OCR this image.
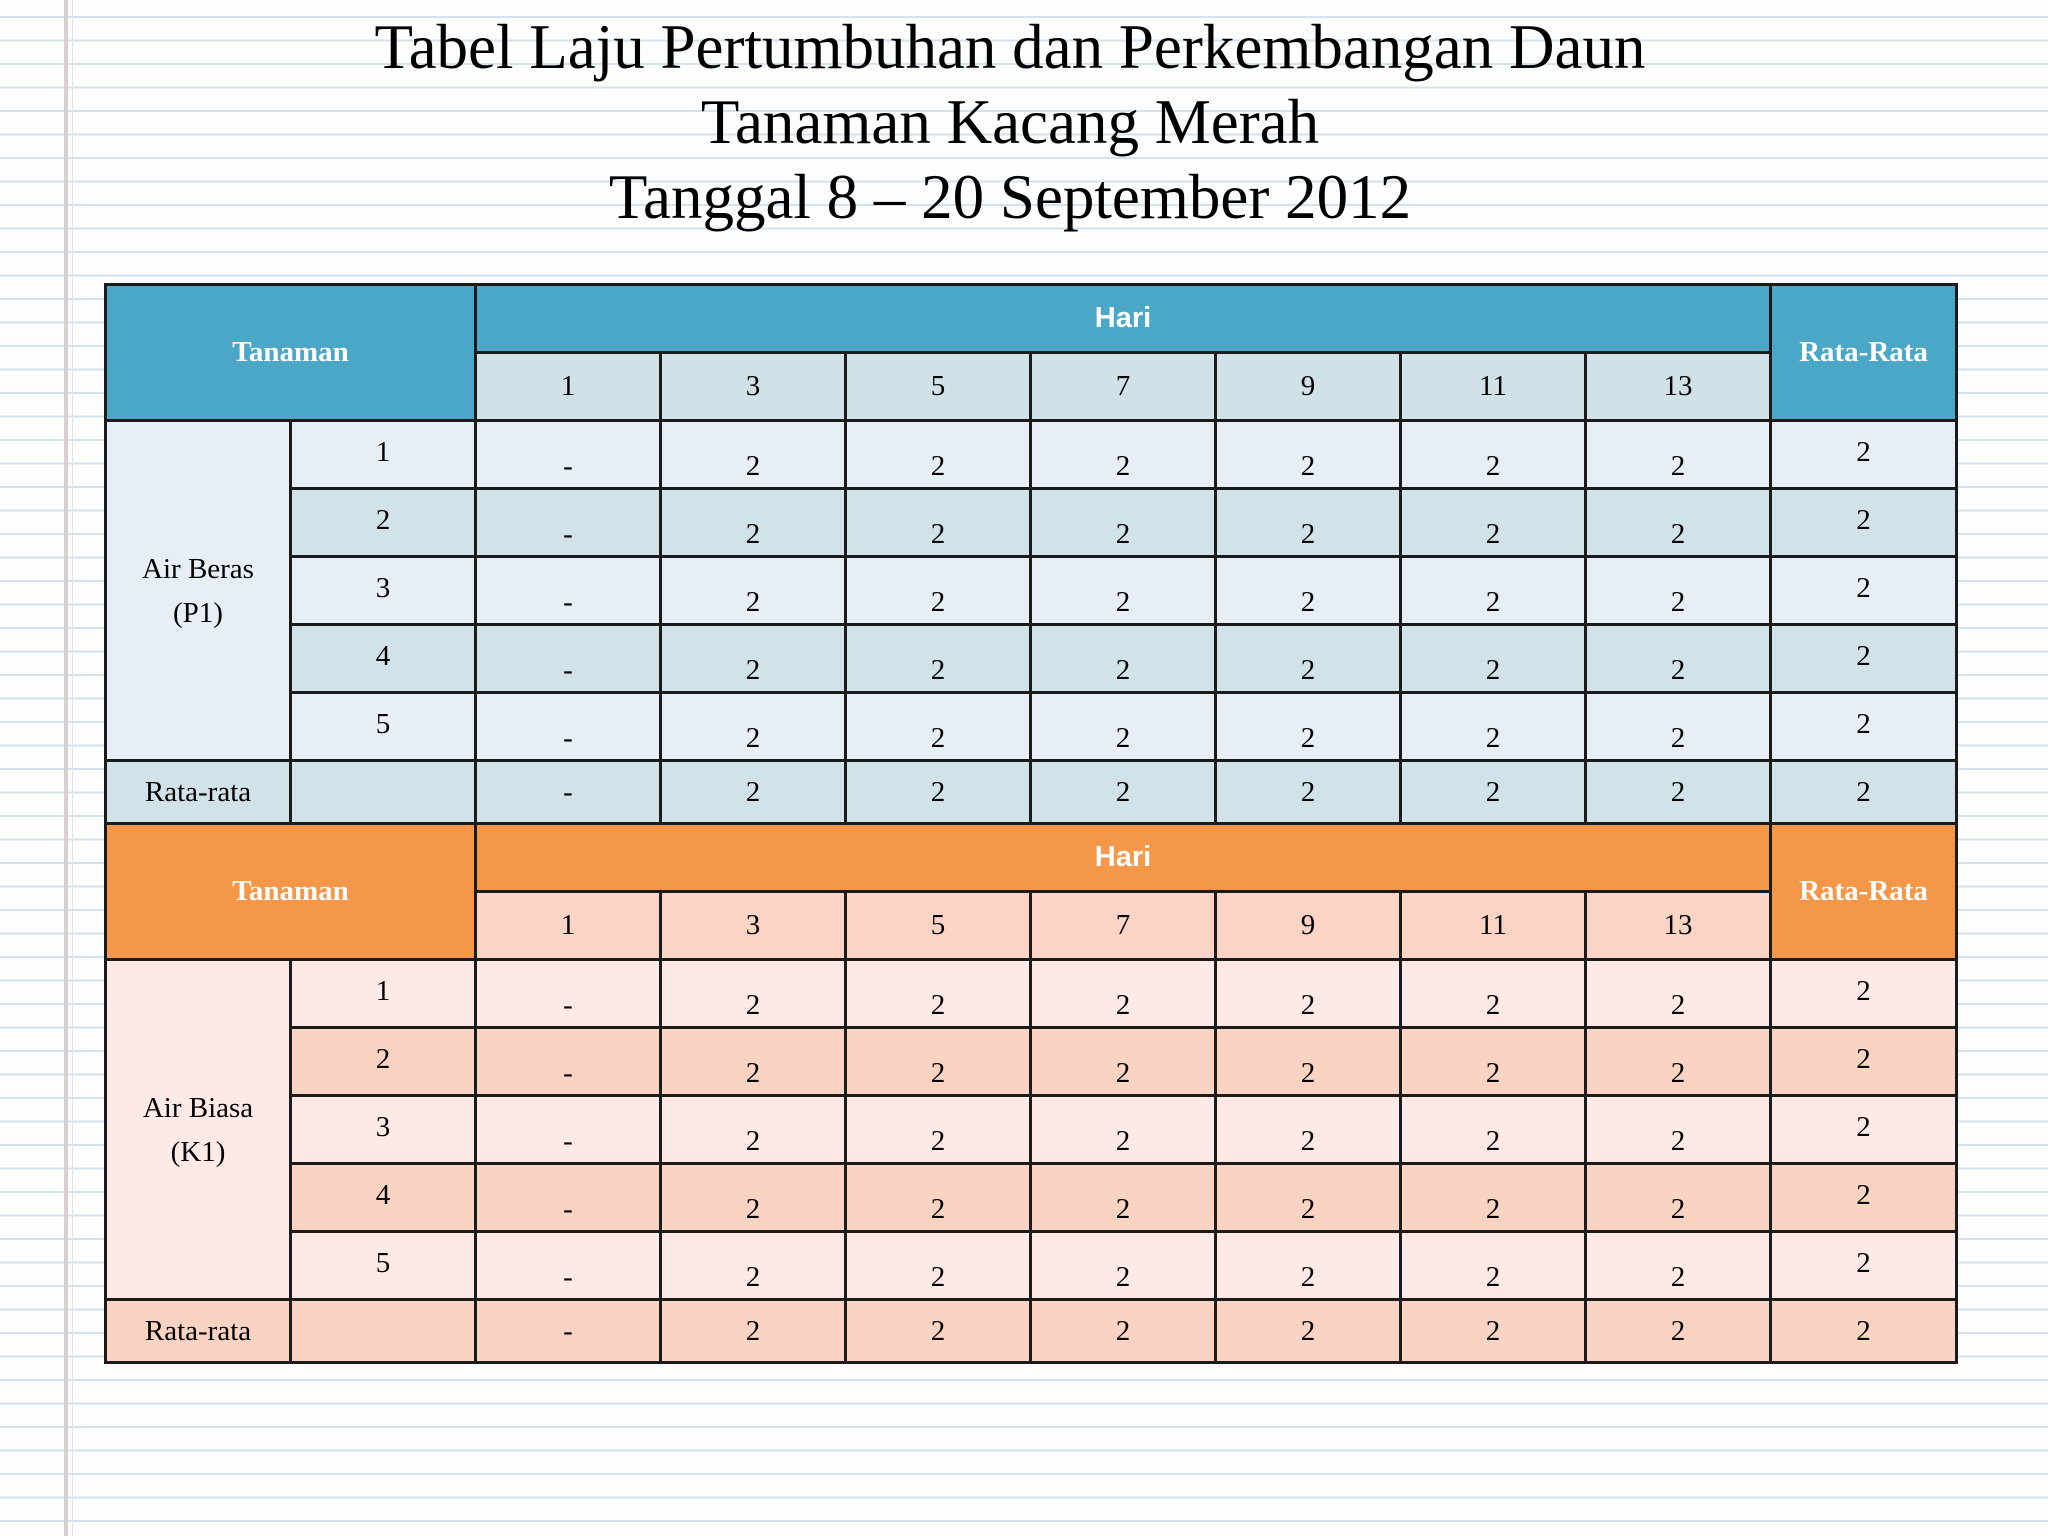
Tabel Laju Pertumbuhan dan Perkembangan Daun
Tanaman Kacang Merah
Tanggal 8 – 20 September 2012
Tanaman		Hari							Rata-Rata
		1	3	5	7	9	11	13	

Air Beras
(P1)	1	-	2	2	2	2	2	2	2

	2	-	2	2	2	2	2	2	2

	3	-	2	2	2	2	2	2	2

	4	-	2	2	2	2	2	2	2

	5	-	2	2	2	2	2	2	2

Rata-rata		-	2	2	2	2	2	2	2
Tanaman		Hari							Rata-Rata
		1	3	5	7	9	11	13	

Air Biasa
(K1)	1	-	2	2	2	2	2	2	2

	2	-	2	2	2	2	2	2	2

	3	-	2	2	2	2	2	2	2

	4	-	2	2	2	2	2	2	2

	5	-	2	2	2	2	2	2	2

Rata-rata		-	2	2	2	2	2	2	2
